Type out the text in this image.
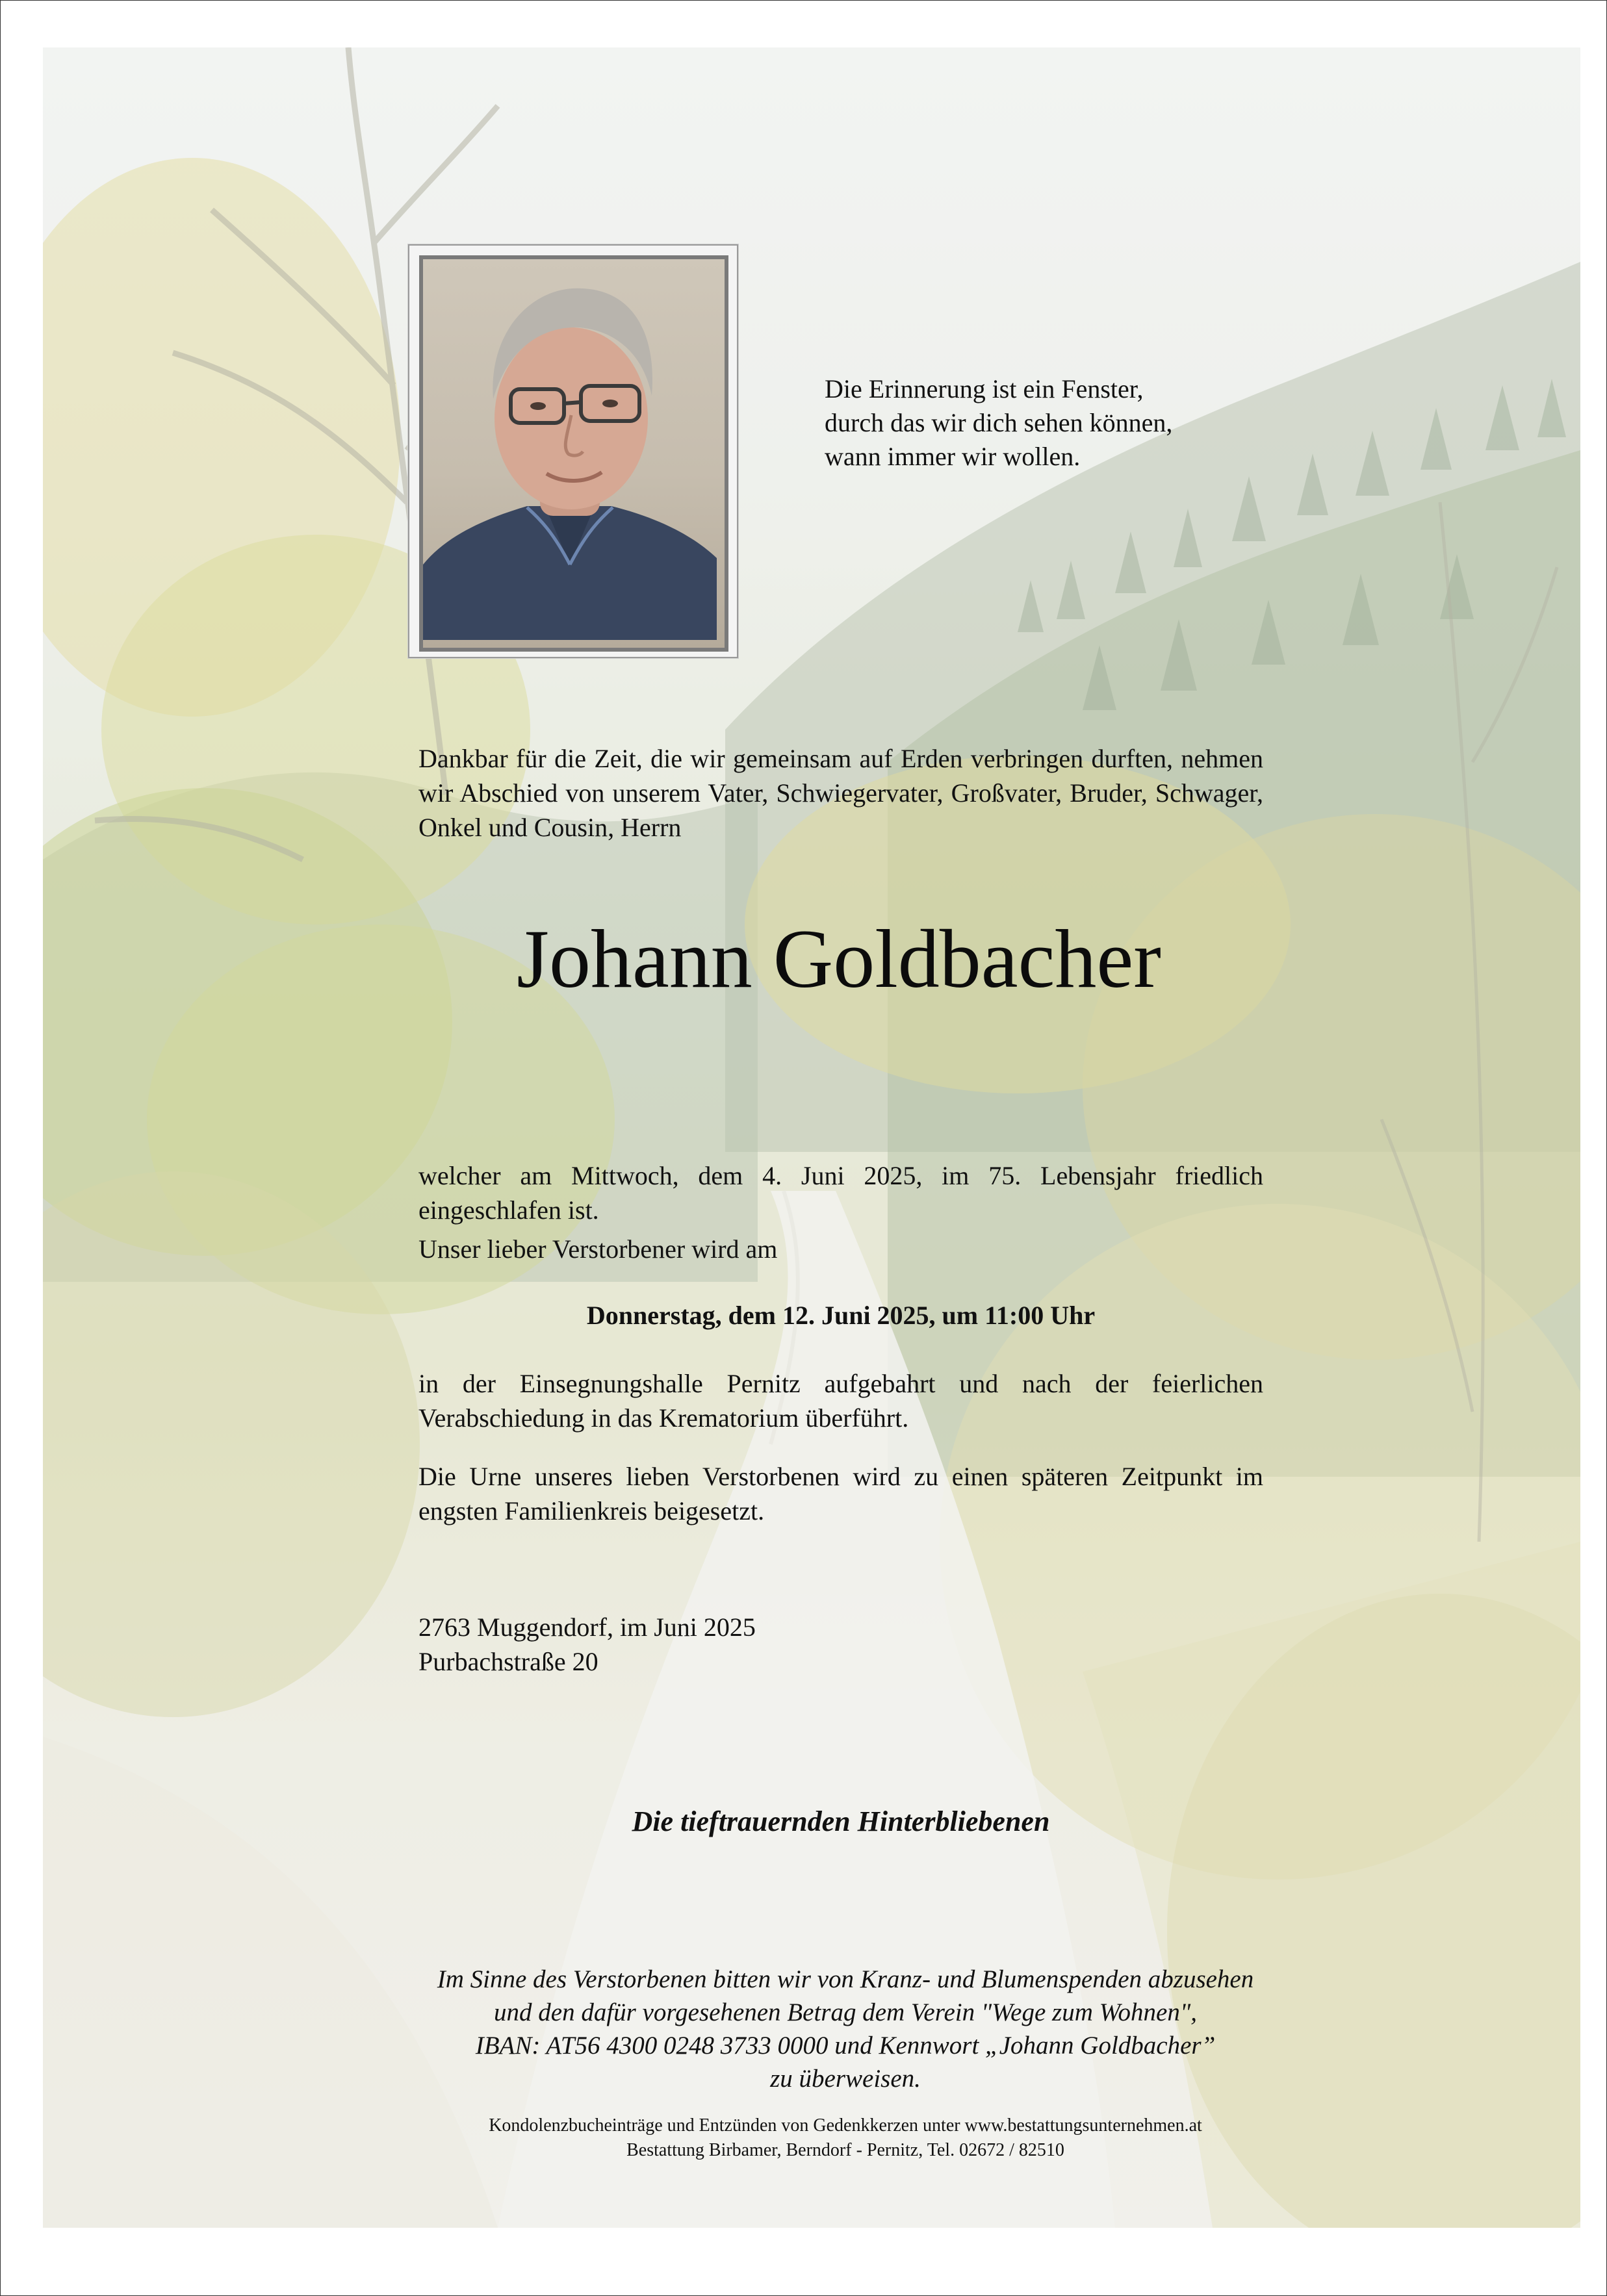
Die Erinnerung ist ein Fenster,
durch das wir dich sehen können,
wann immer wir wollen.

Dankbar für die Zeit, die wir gemeinsam auf Erden verbringen durften, nehmen wir Abschied von unserem Vater, Schwiegervater, Großvater, Bruder, Schwager, Onkel und Cousin, Herrn

Johann Goldbacher

welcher am Mittwoch, dem 4. Juni 2025, im 75. Lebensjahr friedlich eingeschlafen ist.

Unser lieber Verstorbener wird am

Donnerstag, dem 12. Juni 2025, um 11:00 Uhr

in der Einsegnungshalle Pernitz aufgebahrt und nach der feierlichen Verabschiedung in das Krematorium überführt.

Die Urne unseres lieben Verstorbenen wird zu einen späteren Zeitpunkt im engsten Familienkreis beigesetzt.

2763 Muggendorf, im Juni 2025
Purbachstraße 20

Die tieftrauernden Hinterbliebenen

Im Sinne des Verstorbenen bitten wir von Kranz- und Blumenspenden abzusehen
und den dafür vorgesehenen Betrag dem Verein "Wege zum Wohnen",
IBAN: AT56 4300 0248 3733 0000 und Kennwort „Johann Goldbacher”
zu überweisen.

Kondolenzbucheinträge und Entzünden von Gedenkkerzen unter www.bestattungsunternehmen.at
Bestattung Birbamer, Berndorf - Pernitz, Tel. 02672 / 82510
